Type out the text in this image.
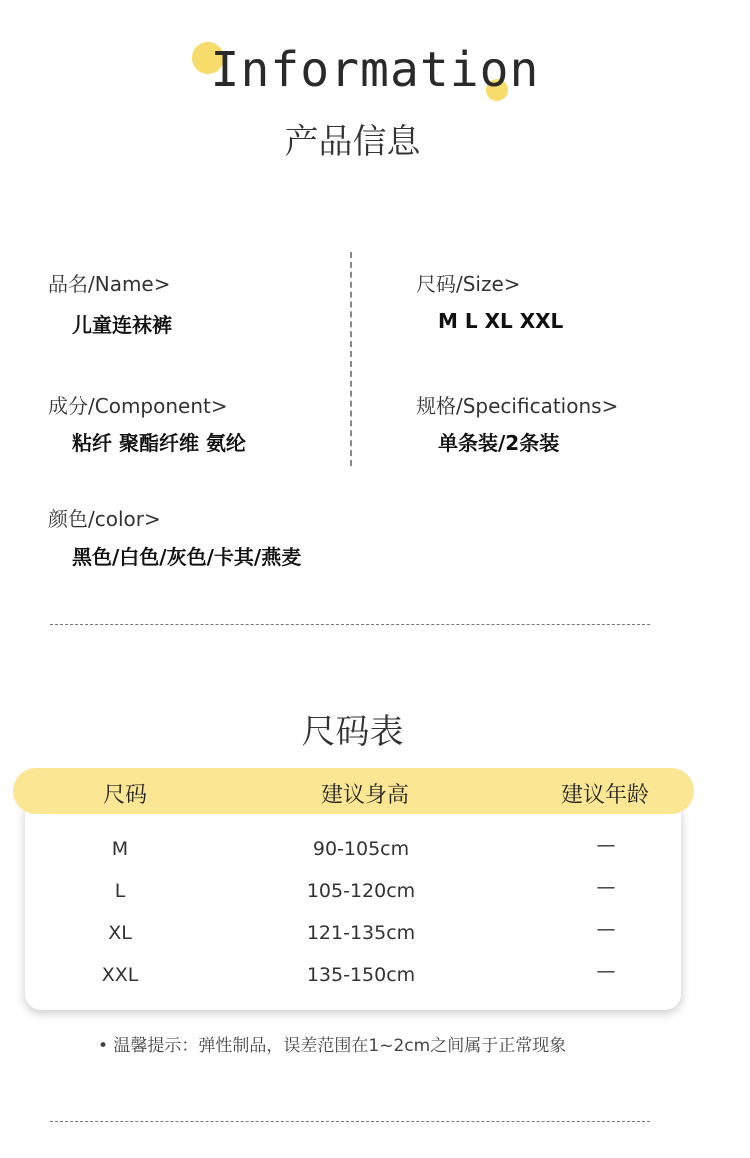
Information
产品信息
品名/Name>
儿童连袜裤
尺码/Size>
M L XL XXL
成分/Component>
粘纤 聚酯纤维 氨纶
规格/Specifications>
单条装/2条装
颜色/color>
黑色/白色/灰色/卡其/燕麦
尺码表
尺码	建议身高	建议年龄
M	90-105cm	—
L	105-120cm	—
XL	121-135cm	—
XXL	135-150cm	—
• 温馨提示：弹性制品，误差范围在1~2cm之间属于正常现象
